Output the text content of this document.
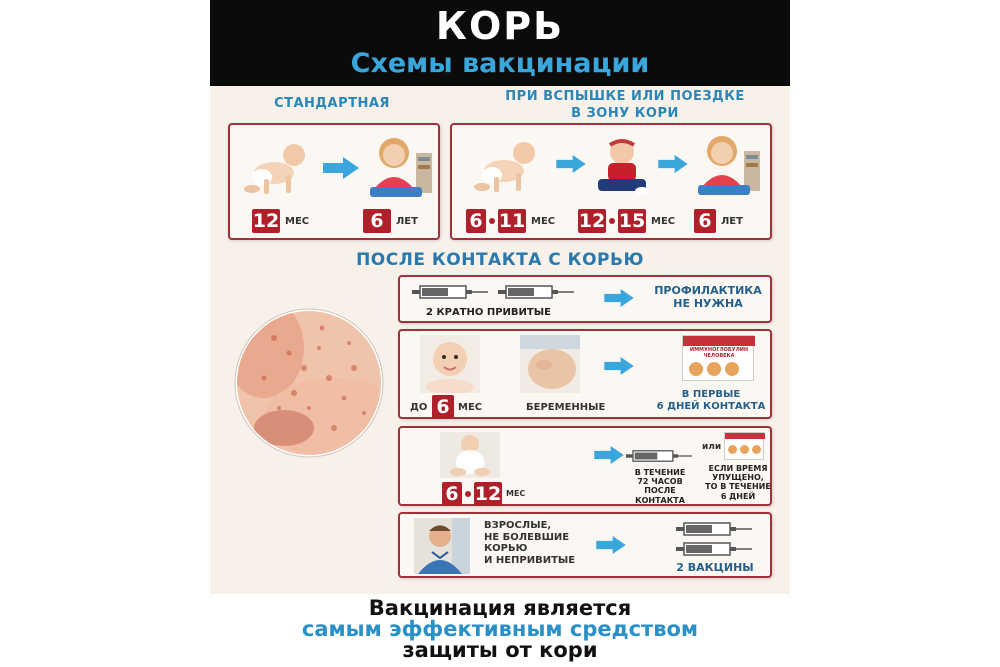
КОРЬ
Схемы вакцинации
СТАНДАРТНАЯ	ПРИ ВСПЫШКЕ ИЛИ ПОЕЗДКЕ
В ЗОНУ КОРИ
12 МЕС	6	ЛЕТ	6 11 МЕС 12 15 МЕС 6 ЛЕТ
ПОСЛЕ КОНТАКТА С КОРЬЮ
2 КРАТНО ПРИВИТЫЕ
ПРОФИЛАКТИКА
НЕ НУЖНА
ДО 6 МЕС	БЕРЕМЕННЫЕ
ИММУНОГЛОБУЛИН ЧЕЛОВЕКА
В ПЕРВЫЕ
6 ДНЕЙ КОНТАКТА
6 12 МЕС
или
В ТЕЧЕНИЕ
72 ЧАСОВ
ПОСЛЕ КОНТАКТА
ЕСЛИ ВРЕМЯ
УПУЩЕНО,
ТО В ТЕЧЕНИЕ
6 ДНЕЙ
ВЗРОСЛЫЕ,
НЕ БОЛЕВШИЕ
КОРЬЮ
И НЕПРИВИТЫЕ
2 ВАКЦИНЫ
Вакцинация является
самым эффективным средством
защиты от кори
